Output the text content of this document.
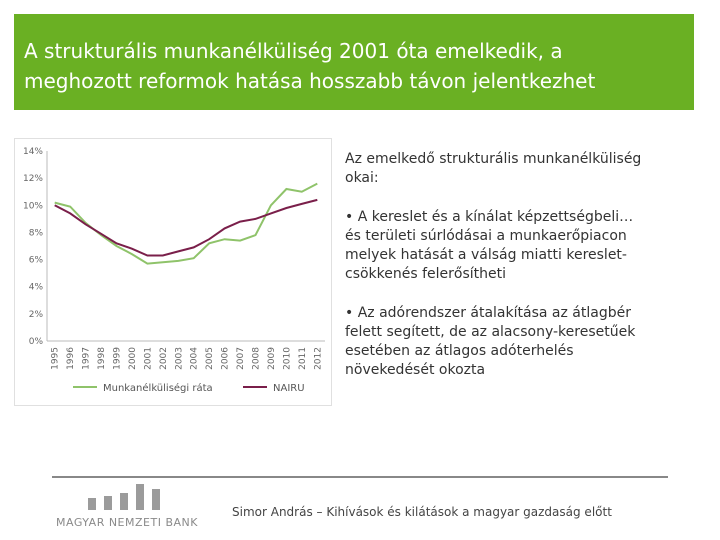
A strukturális munkanélküliség 2001 óta emelkedik, a
meghozott reformok hatása hosszabb távon jelentkezhet
0%
2%
4%
6%
8%
10%
12%
14%
1995 1996 1997 1998 1999 2000 2001 2002 2003 2004 2005 2006 2007 2008 2009 2010 2011 2012
Munkanélküliségi ráta	NAIRU
Az emelkedő strukturális munkanélküliség
okai:
• A kereslet és a kínálat képzettségbeli…
és területi súrlódásai a munkaerőpiacon
melyek hatását a válság miatti kereslet-
csökkenés felerősítheti
• Az adórendszer átalakítása az átlagbér
felett segített, de az alacsony-keresetűek
esetében az átlagos adóterhelés
növekedését okozta
MAGYAR NEMZETI BANK
Simor András – Kihívások és kilátások a magyar gazdaság előtt
